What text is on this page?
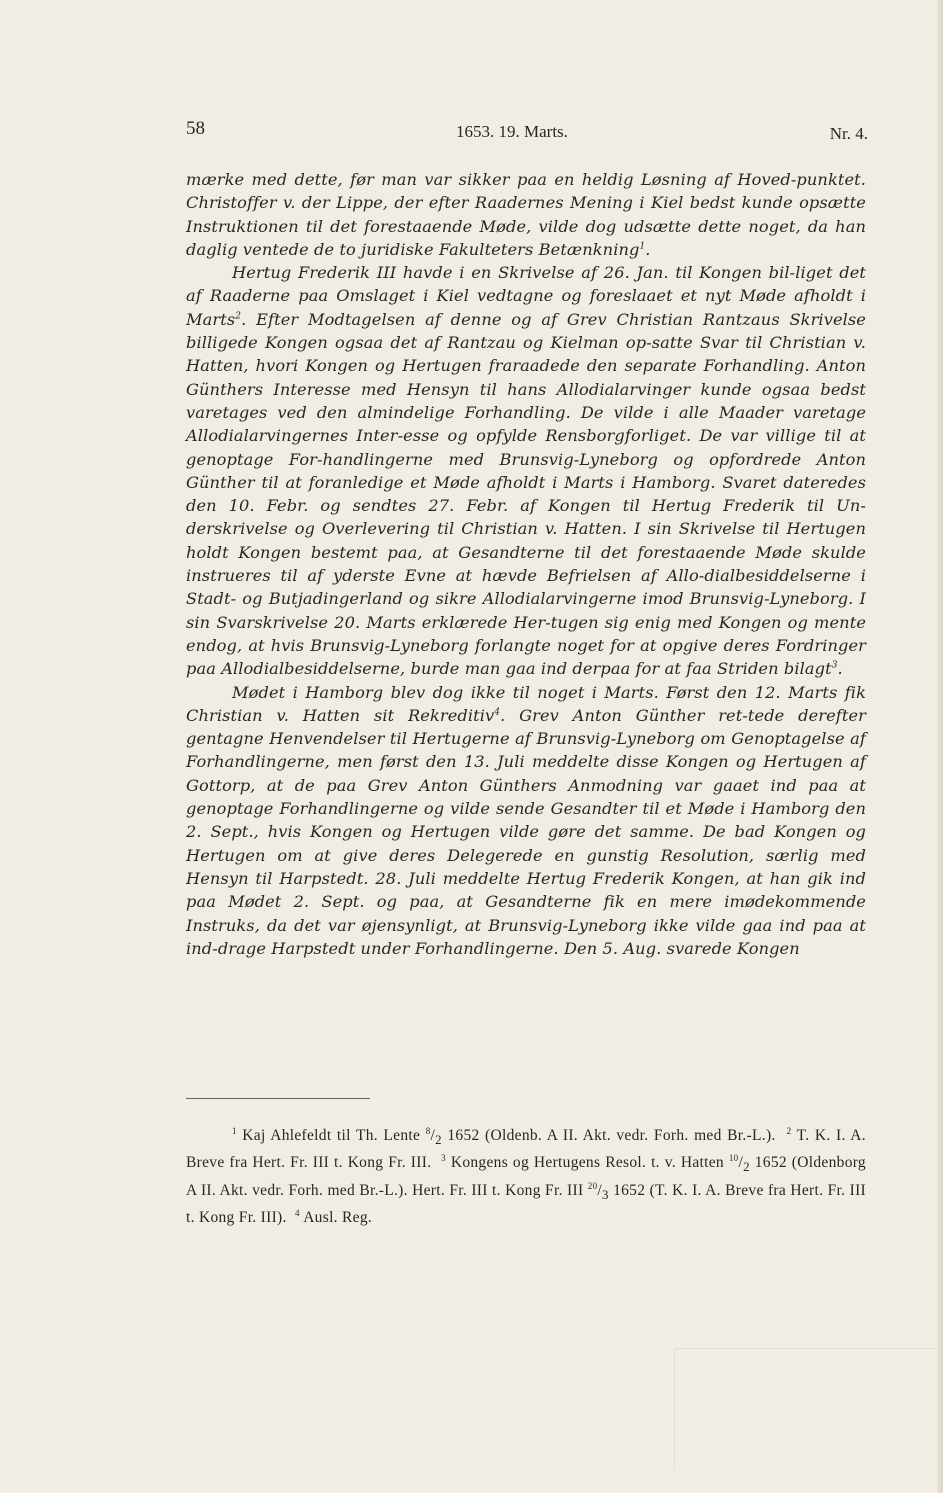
58	1653. 19. Marts.	Nr. 4.

mærke med dette, før man var sikker paa en heldig Løsning af Hoved-punktet. Christoffer v. der Lippe, der efter Raadernes Mening i Kiel bedst kunde opsætte Instruktionen til det forestaaende Møde, vilde dog udsætte dette noget, da han daglig ventede de to juridiske Fakulteters Betænkning$^1$.

Hertug Frederik III havde i en Skrivelse af 26. Jan. til Kongen bil-liget det af Raaderne paa Omslaget i Kiel vedtagne og foreslaaet et nyt Møde afholdt i Marts$^2$. Efter Modtagelsen af denne og af Grev Christian Rantzaus Skrivelse billigede Kongen ogsaa det af Rantzau og Kielman op-satte Svar til Christian v. Hatten, hvori Kongen og Hertugen fraraadede den separate Forhandling. Anton Günthers Interesse med Hensyn til hans Allodialarvinger kunde ogsaa bedst varetages ved den almindelige Forhandling. De vilde i alle Maader varetage Allodialarvingernes Inter-esse og opfylde Rensborgforliget. De var villige til at genoptage For-handlingerne med Brunsvig-Lyneborg og opfordrede Anton Günther til at foranledige et Møde afholdt i Marts i Hamborg. Svaret dateredes den 10. Febr. og sendtes 27. Febr. af Kongen til Hertug Frederik til Un-derskrivelse og Overlevering til Christian v. Hatten. I sin Skrivelse til Hertugen holdt Kongen bestemt paa, at Gesandterne til det forestaaende Møde skulde instrueres til af yderste Evne at hævde Befrielsen af Allo-dialbesiddelserne i Stadt- og Butjadingerland og sikre Allodialarvingerne imod Brunsvig-Lyneborg. I sin Svarskrivelse 20. Marts erklærede Her-tugen sig enig med Kongen og mente endog, at hvis Brunsvig-Lyneborg forlangte noget for at opgive deres Fordringer paa Allodialbesiddelserne, burde man gaa ind derpaa for at faa Striden bilagt$^3$.

Mødet i Hamborg blev dog ikke til noget i Marts. Først den 12. Marts fik Christian v. Hatten sit Rekreditiv$^4$. Grev Anton Günther ret-tede derefter gentagne Henvendelser til Hertugerne af Brunsvig-Lyneborg om Genoptagelse af Forhandlingerne, men først den 13. Juli meddelte disse Kongen og Hertugen af Gottorp, at de paa Grev Anton Günthers Anmodning var gaaet ind paa at genoptage Forhandlingerne og vilde sende Gesandter til et Møde i Hamborg den 2. Sept., hvis Kongen og Hertugen vilde gøre det samme. De bad Kongen og Hertugen om at give deres Delegerede en gunstig Resolution, særlig med Hensyn til Harpstedt. 28. Juli meddelte Hertug Frederik Kongen, at han gik ind paa Mødet 2. Sept. og paa, at Gesandterne fik en mere imødekommende Instruks, da det var øjensynligt, at Brunsvig-Lyneborg ikke vilde gaa ind paa at ind-drage Harpstedt under Forhandlingerne. Den 5. Aug. svarede Kongen

$^1$ Kaj Ahlefeldt til Th. Lente $^8/_2$ 1652 (Oldenb. A II. Akt. vedr. Forh. med Br.-L.). $^2$ T. K. I. A. Breve fra Hert. Fr. III t. Kong Fr. III. $^3$ Kongens og Hertugens Resol. t. v. Hatten $^{10}/_2$ 1652 (Oldenborg A II. Akt. vedr. Forh. med Br.-L.). Hert. Fr. III t. Kong Fr. III $^{20}/_3$ 1652 (T. K. I. A. Breve fra Hert. Fr. III t. Kong Fr. III). $^4$ Ausl. Reg.
